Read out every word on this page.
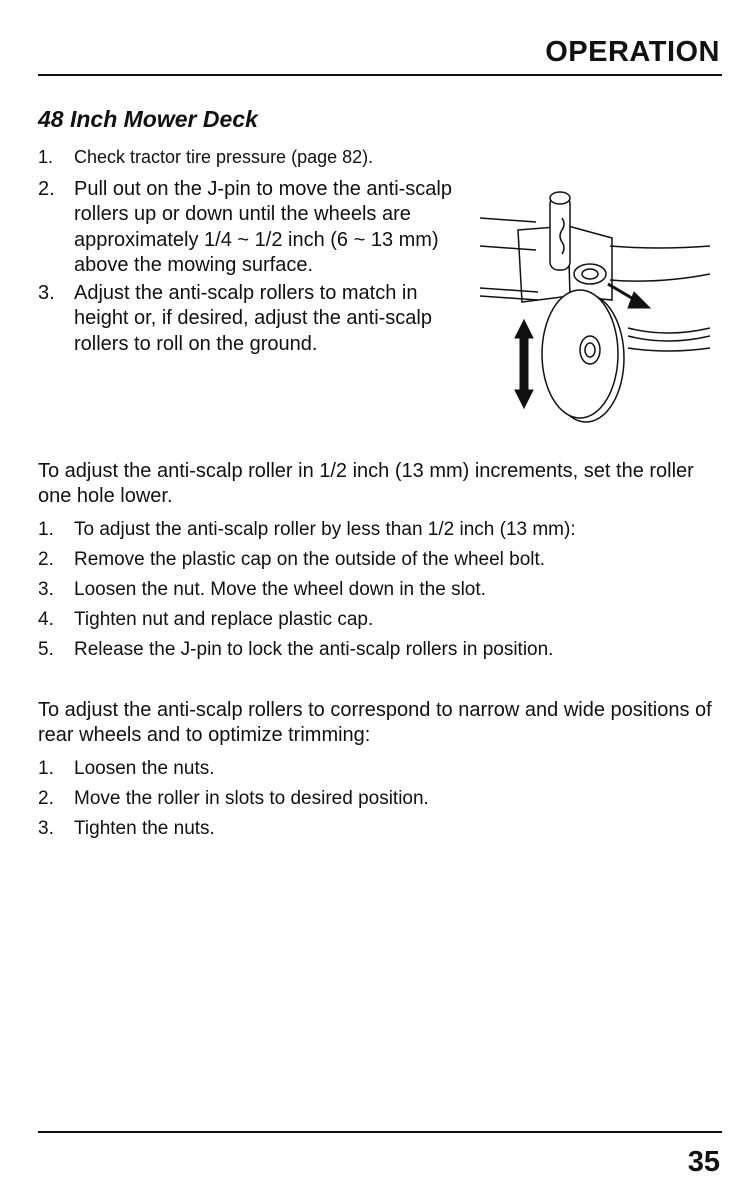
OPERATION
48 Inch Mower Deck
1. Check tractor tire pressure (page 82).
2. Pull out on the J-pin to move the anti-scalp rollers up or down until the wheels are approximately 1/4 ~ 1/2 inch (6 ~ 13 mm) above the mowing surface.
3. Adjust the anti-scalp rollers to match in height or, if desired, adjust the anti-scalp rollers to roll on the ground.

To adjust the anti-scalp roller in 1/2 inch (13 mm) increments, set the roller one hole lower.

1. To adjust the anti-scalp roller by less than 1/2 inch (13 mm):
2. Remove the plastic cap on the outside of the wheel bolt.
3. Loosen the nut. Move the wheel down in the slot.
4. Tighten nut and replace plastic cap.
5. Release the J-pin to lock the anti-scalp rollers in position.

To adjust the anti-scalp rollers to correspond to narrow and wide positions of rear wheels and to optimize trimming:

1. Loosen the nuts.
2. Move the roller in slots to desired position.
3. Tighten the nuts.

35
